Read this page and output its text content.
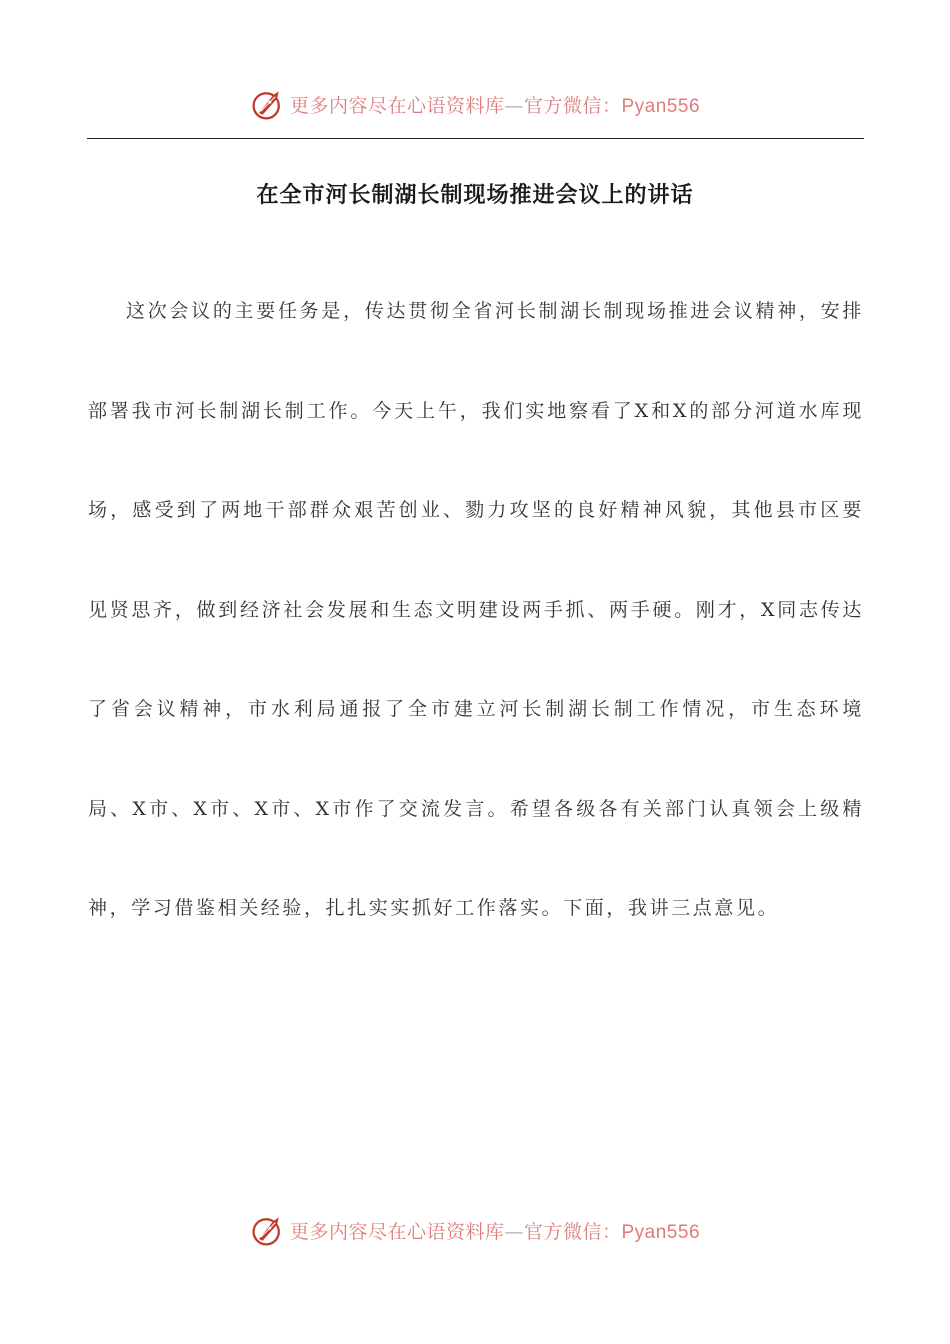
更多内容尽在心语资料库—官方微信：Pyan556
在全市河长制湖长制现场推进会议上的讲话

这次会议的主要任务是，传达贯彻全省河长制湖长制现场推进会议精神，安排部署我市河长制湖长制工作。今天上午，我们实地察看了X和X的部分河道水库现场，感受到了两地干部群众艰苦创业、勠力攻坚的良好精神风貌，其他县市区要见贤思齐，做到经济社会发展和生态文明建设两手抓、两手硬。刚才，X同志传达了省会议精神，市水利局通报了全市建立河长制湖长制工作情况，市生态环境局、X市、X市、X市、X市作了交流发言。希望各级各有关部门认真领会上级精神，学习借鉴相关经验，扎扎实实抓好工作落实。下面，我讲三点意见。

更多内容尽在心语资料库—官方微信：Pyan556
